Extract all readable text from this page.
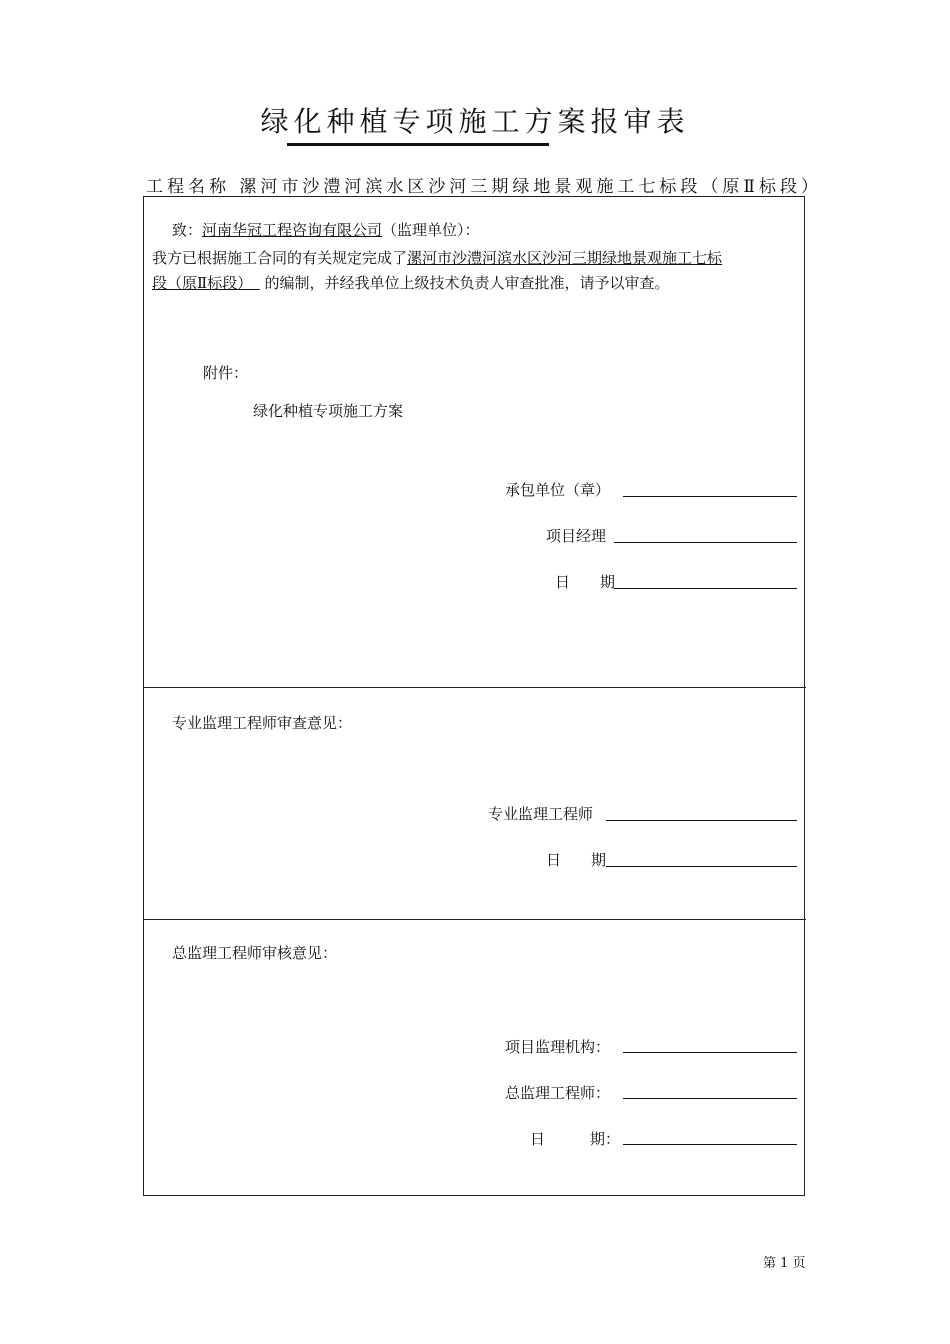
绿化种植专项施工方案报审表
工程名称 漯河市沙澧河滨水区沙河三期绿地景观施工七标段（原Ⅱ标段）
致：河南华冠工程咨询有限公司（监理单位）：
我方已根据施工合同的有关规定完成了漯河市沙澧河滨水区沙河三期绿地景观施工七标
段（原Ⅱ标段）　 的编制，并经我单位上级技术负责人审查批准，请予以审查。
附件：
绿化种植专项施工方案
承包单位（章）
项目经理
日　　期
专业监理工程师审查意见：
专业监理工程师
日　　期
总监理工程师审核意见：
项目监理机构：
总监理工程师：
日　　　期：
第 1 页
